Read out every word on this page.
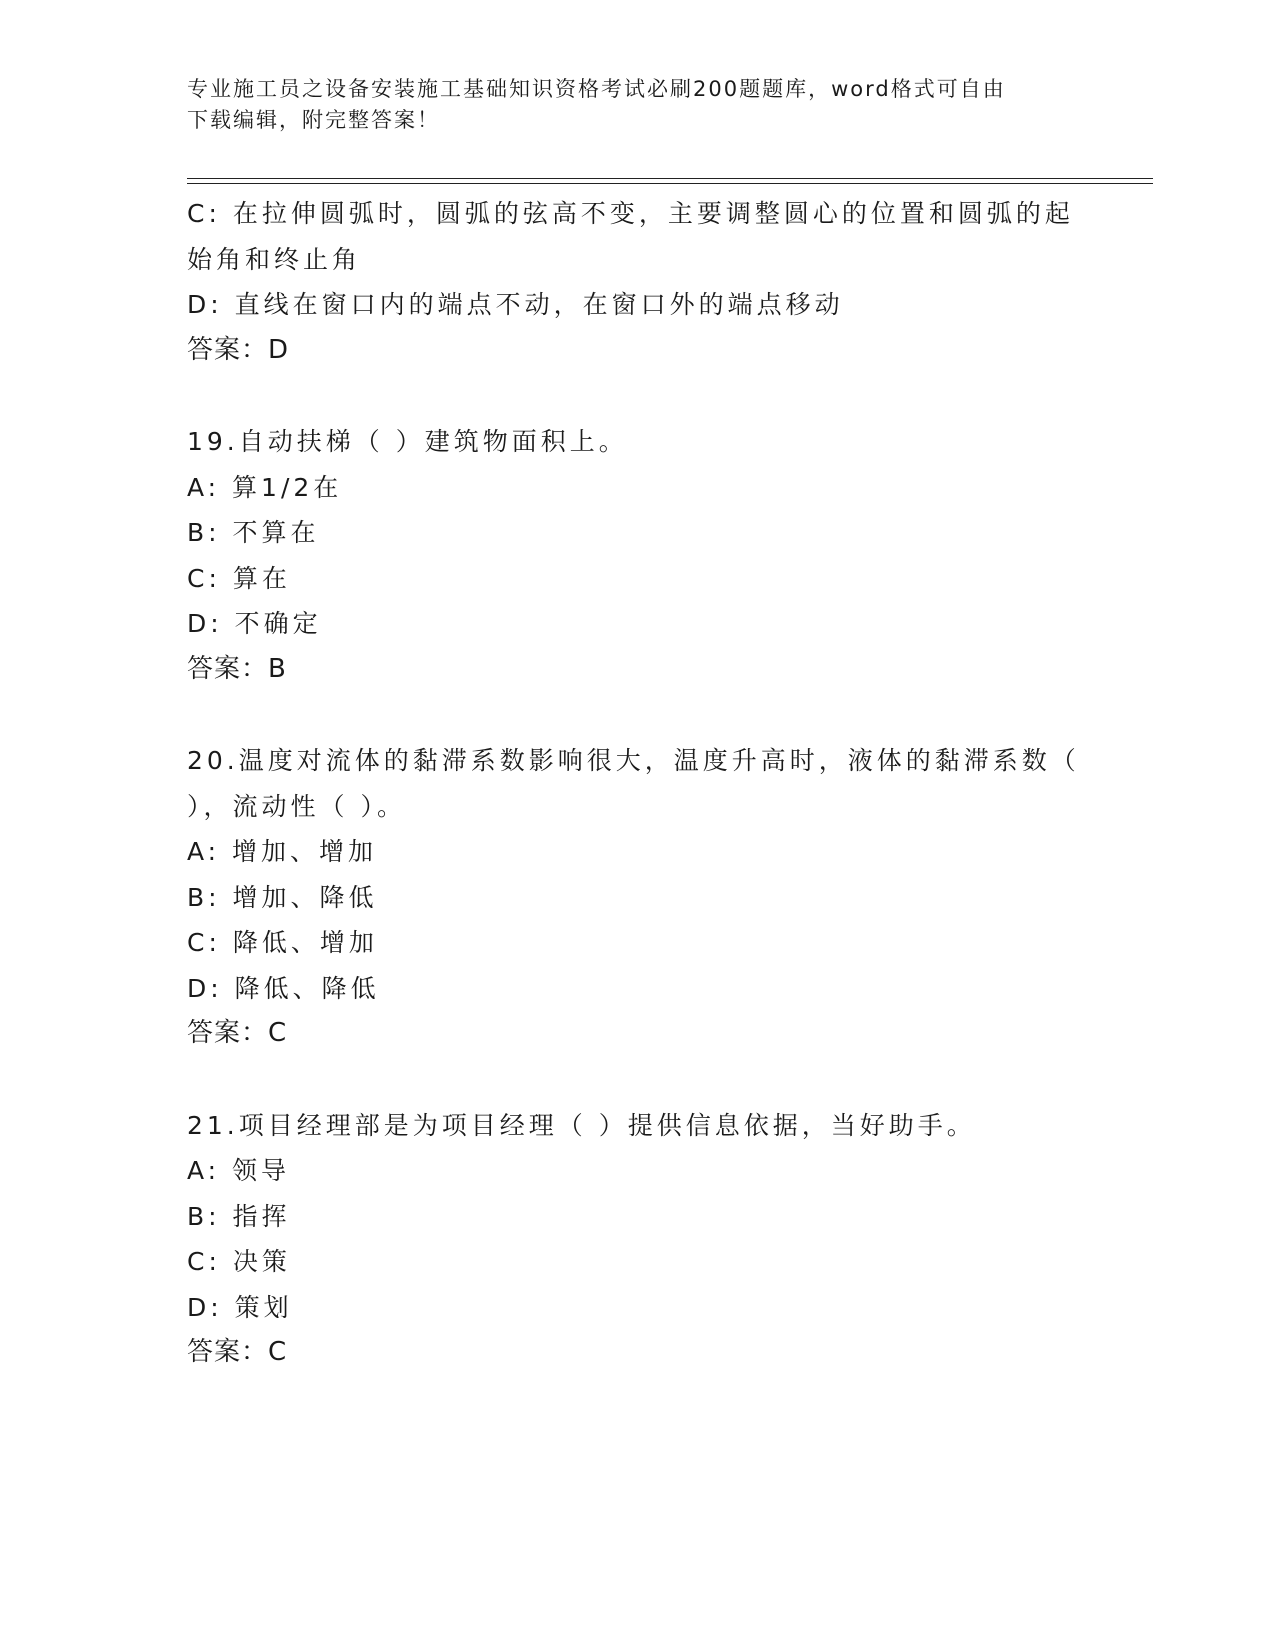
专业施工员之设备安装施工基础知识资格考试必刷200题题库，word格式可自由
下载编辑，附完整答案！
C: 在拉伸圆弧时，圆弧的弦高不变，主要调整圆心的位置和圆弧的起
始角和终止角
D: 直线在窗口内的端点不动，在窗口外的端点移动
答案：D
19.自动扶梯（ ）建筑物面积上。
A: 算1/2在
B: 不算在
C: 算在
D: 不确定
答案：B
20.温度对流体的黏滞系数影响很大，温度升高时，液体的黏滞系数（
），流动性（ ）。
A: 增加、增加
B: 增加、降低
C: 降低、增加
D: 降低、降低
答案：C
21.项目经理部是为项目经理（ ）提供信息依据，当好助手。
A: 领导
B: 指挥
C: 决策
D: 策划
答案：C
